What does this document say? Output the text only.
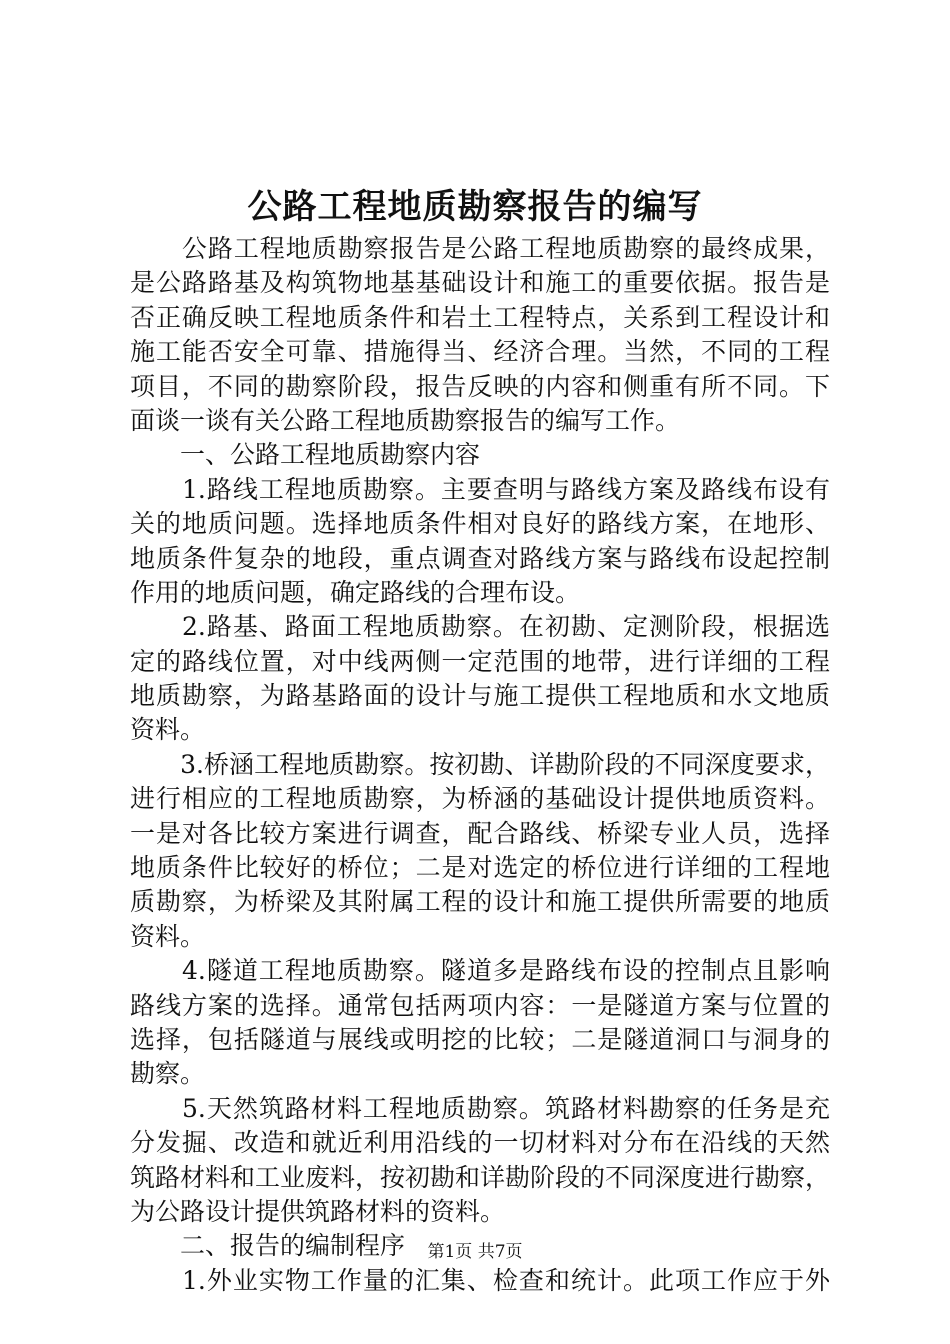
公路工程地质勘察报告的编写
　　公路工程地质勘察报告是公路工程地质勘察的最终成果，
是公路路基及构筑物地基基础设计和施工的重要依据。报告是
否正确反映工程地质条件和岩土工程特点，关系到工程设计和
施工能否安全可靠、措施得当、经济合理。当然，不同的工程
项目，不同的勘察阶段，报告反映的内容和侧重有所不同。下
面谈一谈有关公路工程地质勘察报告的编写工作。
　　一、公路工程地质勘察内容
　　1.路线工程地质勘察。主要查明与路线方案及路线布设有
关的地质问题。选择地质条件相对良好的路线方案，在地形、
地质条件复杂的地段，重点调查对路线方案与路线布设起控制
作用的地质问题，确定路线的合理布设。
　　2.路基、路面工程地质勘察。在初勘、定测阶段，根据选
定的路线位置，对中线两侧一定范围的地带，进行详细的工程
地质勘察，为路基路面的设计与施工提供工程地质和水文地质
资料。
　　3.桥涵工程地质勘察。按初勘、详勘阶段的不同深度要求，
进行相应的工程地质勘察，为桥涵的基础设计提供地质资料。
一是对各比较方案进行调查，配合路线、桥梁专业人员，选择
地质条件比较好的桥位；二是对选定的桥位进行详细的工程地
质勘察，为桥梁及其附属工程的设计和施工提供所需要的地质
资料。
　　4.隧道工程地质勘察。隧道多是路线布设的控制点且影响
路线方案的选择。通常包括两项内容：一是隧道方案与位置的
选择，包括隧道与展线或明挖的比较；二是隧道洞口与洞身的
勘察。
　　5.天然筑路材料工程地质勘察。筑路材料勘察的任务是充
分发掘、改造和就近利用沿线的一切材料对分布在沿线的天然
筑路材料和工业废料，按初勘和详勘阶段的不同深度进行勘察，
为公路设计提供筑路材料的资料。
　　二、报告的编制程序
　　1.外业实物工作量的汇集、检查和统计。此项工作应于外
第1页 共7页
